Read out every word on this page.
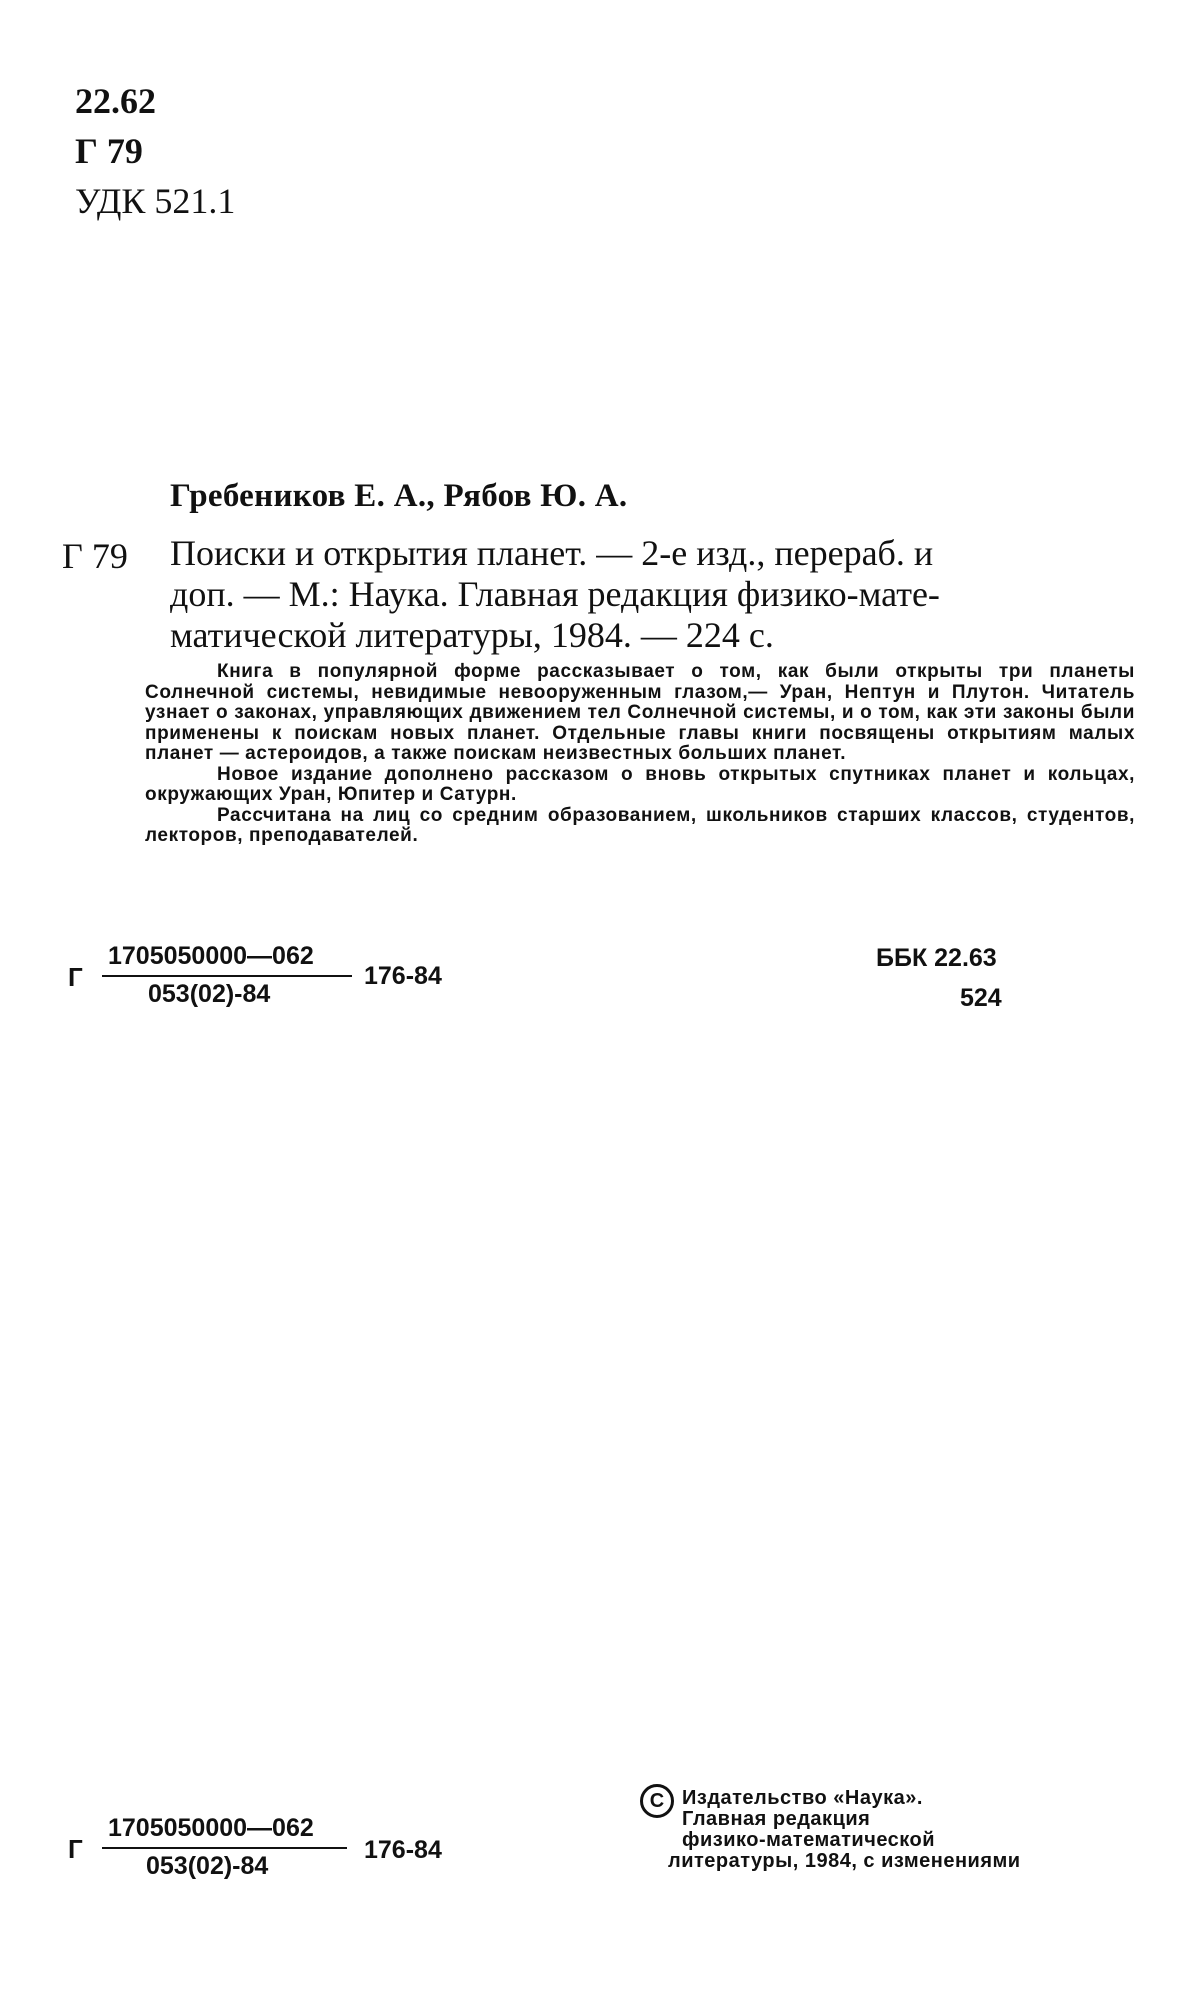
22.62
Г 79
УДК 521.1
Гребеников Е. А., Рябов Ю. А.
Г 79 Поиски и открытия планет. — 2-е изд., перераб. и
доп. — М.: Наука. Главная редакция физико-мате-
матической литературы, 1984. — 224 с.

Книга в популярной форме рассказывает о том, как были открыты три планеты Солнечной системы, невидимые невооруженным глазом,— Уран, Нептун и Плутон. Читатель узнает о законах, управляющих движением тел Солнечной системы, и о том, как эти законы были применены к поискам новых планет. Отдельные главы книги посвящены открытиям малых планет — астероидов, а также поискам неизвестных больших планет.

Новое издание дополнено рассказом о вновь открытых спутниках планет и кольцах, окружающих Уран, Юпитер и Сатурн.

Рассчитана на лиц со средним образованием, школьников старших классов, студентов, лекторов, преподавателей.

Г
1705050000—062
053(02)-84
176-84
ББК 22.63
524
Г
1705050000—062
053(02)-84
176-84
C Издательство «Наука».
Главная редакция
физико-математической
литературы, 1984, с изменениями
